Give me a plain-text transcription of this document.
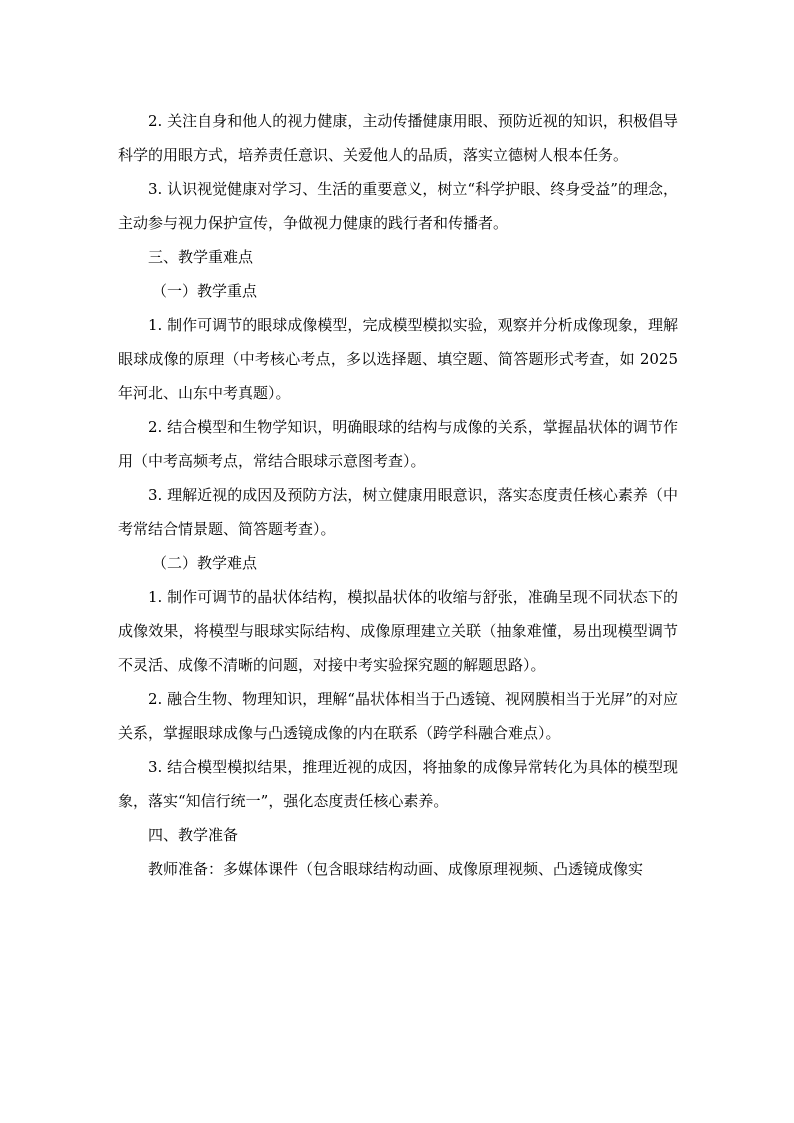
2. 关注自身和他人的视力健康，主动传播健康用眼、预防近视的知识，积极倡导科学的用眼方式，培养责任意识、关爱他人的品质，落实立德树人根本任务。

3. 认识视觉健康对学习、生活的重要意义，树立“科学护眼、终身受益”的理念，主动参与视力保护宣传，争做视力健康的践行者和传播者。

三、教学重难点

（一）教学重点

1. 制作可调节的眼球成像模型，完成模型模拟实验，观察并分析成像现象，理解眼球成像的原理（中考核心考点，多以选择题、填空题、简答题形式考查，如 2025 年河北、山东中考真题）。

2. 结合模型和生物学知识，明确眼球的结构与成像的关系，掌握晶状体的调节作用（中考高频考点，常结合眼球示意图考查）。

3. 理解近视的成因及预防方法，树立健康用眼意识，落实态度责任核心素养（中考常结合情景题、简答题考查）。

（二）教学难点

1. 制作可调节的晶状体结构，模拟晶状体的收缩与舒张，准确呈现不同状态下的成像效果，将模型与眼球实际结构、成像原理建立关联（抽象难懂，易出现模型调节不灵活、成像不清晰的问题，对接中考实验探究题的解题思路）。

2. 融合生物、物理知识，理解“晶状体相当于凸透镜、视网膜相当于光屏”的对应关系，掌握眼球成像与凸透镜成像的内在联系（跨学科融合难点）。

3. 结合模型模拟结果，推理近视的成因，将抽象的成像异常转化为具体的模型现象，落实“知信行统一”，强化态度责任核心素养。

四、教学准备

教师准备：多媒体课件（包含眼球结构动画、成像原理视频、凸透镜成像实
